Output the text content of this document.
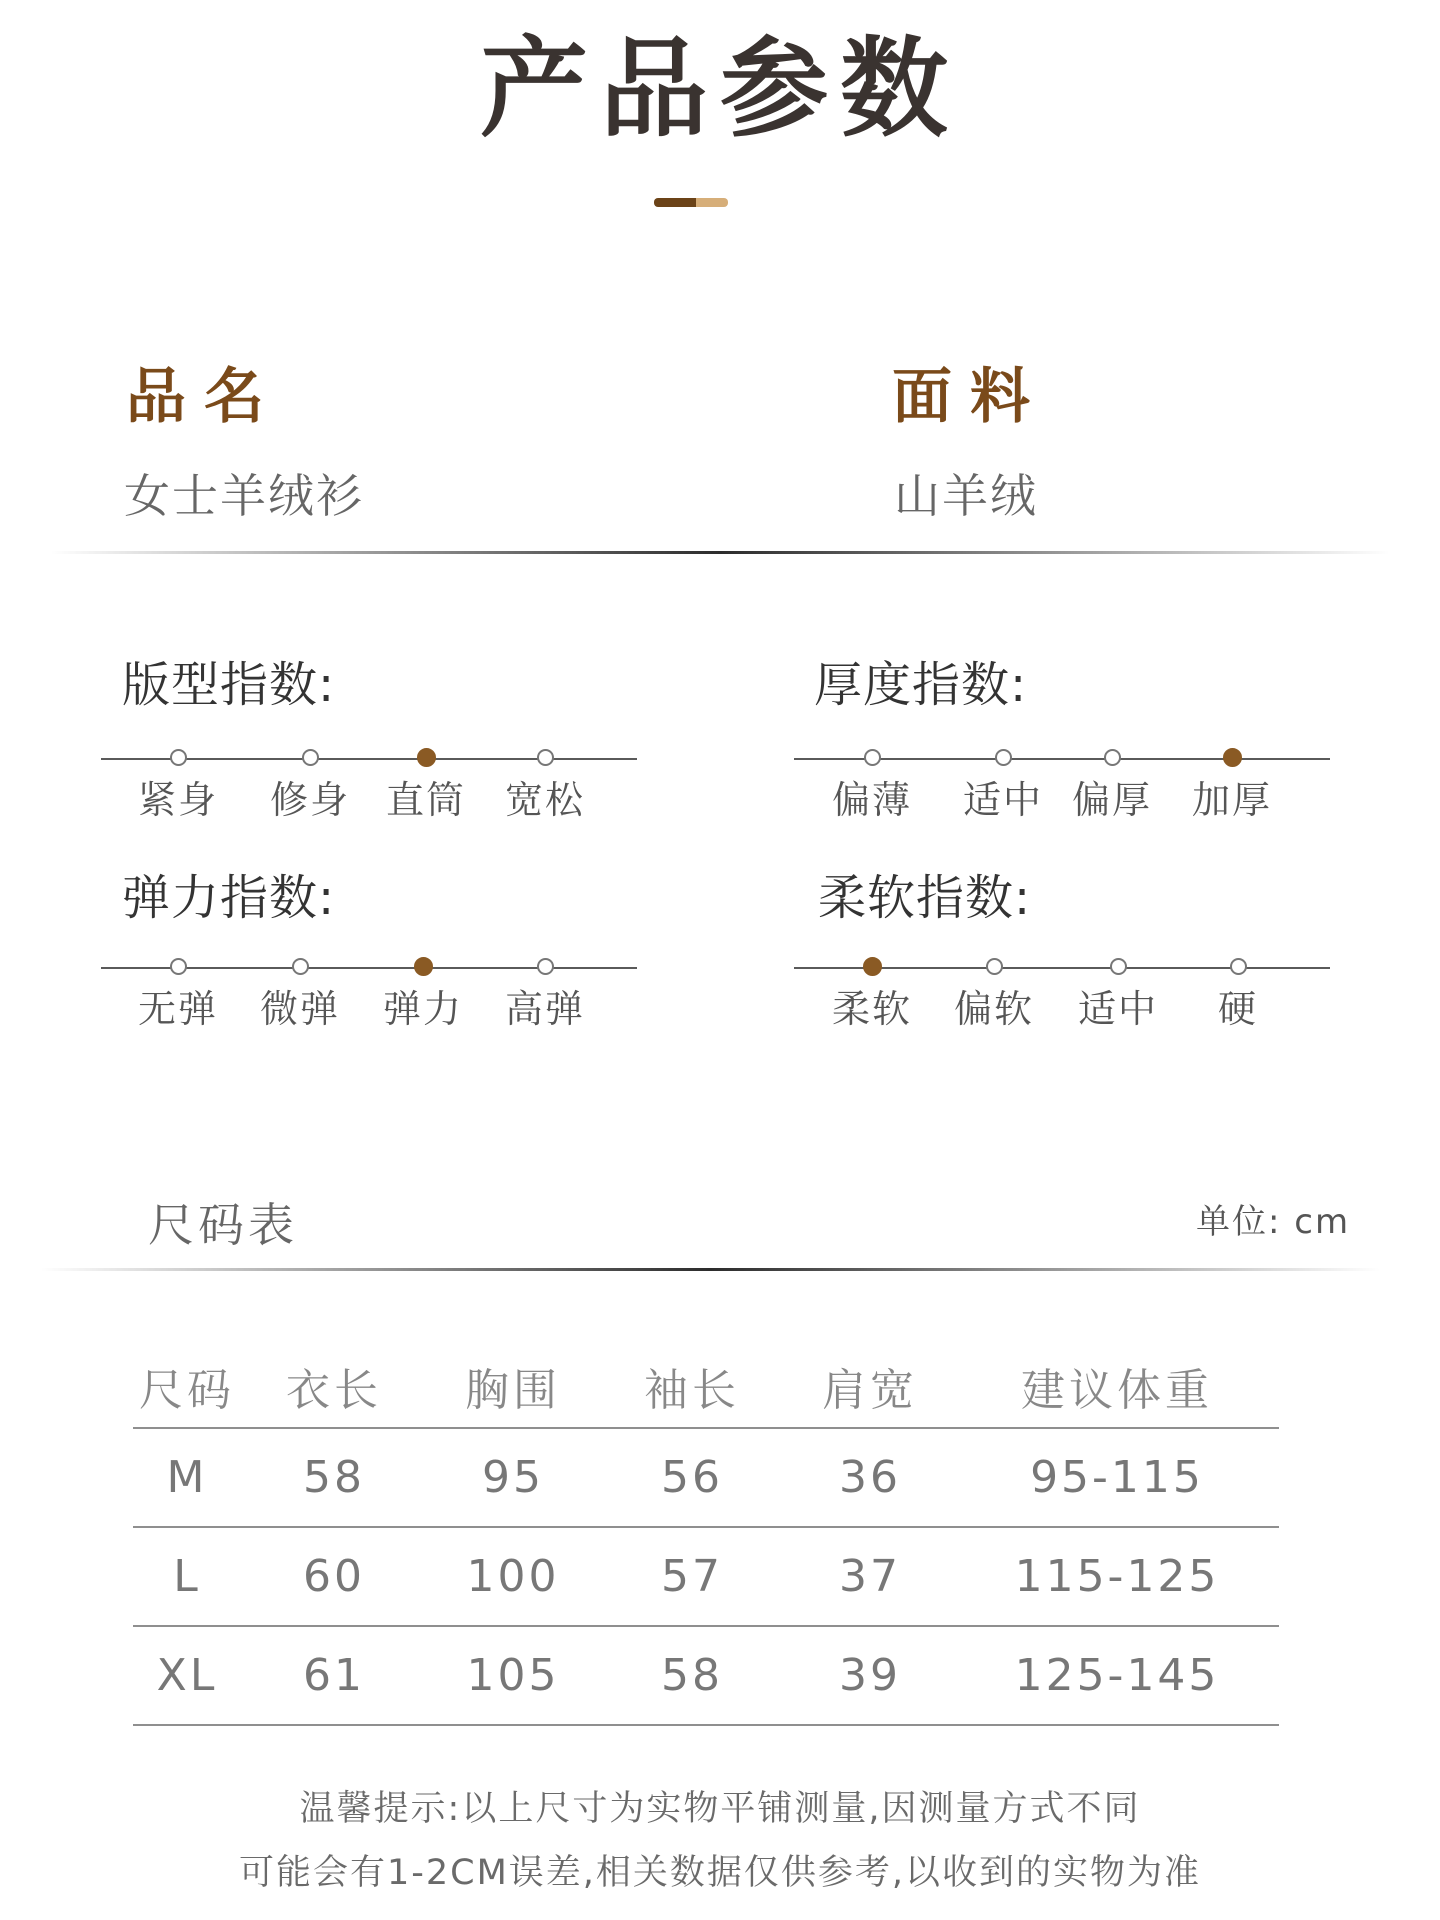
产品参数
品名
女士羊绒衫
面料
山羊绒
版型指数:
紧身	修身 直筒	宽松
厚度指数:
偏薄	适中 偏厚	加厚
弹力指数:
无弹	微弹	弹力	高弹
柔软指数:
柔软	偏软	适中	硬
尺码表	单位: cm
尺码	衣长	胸围	袖长	肩宽	建议体重
M	58	95	56	36	95-115
L	60	100	57	37	115-125
XL	61	105	58	39	125-145
温馨提示:以上尺寸为实物平铺测量,因测量方式不同
可能会有1-2CM误差,相关数据仅供参考,以收到的实物为准
